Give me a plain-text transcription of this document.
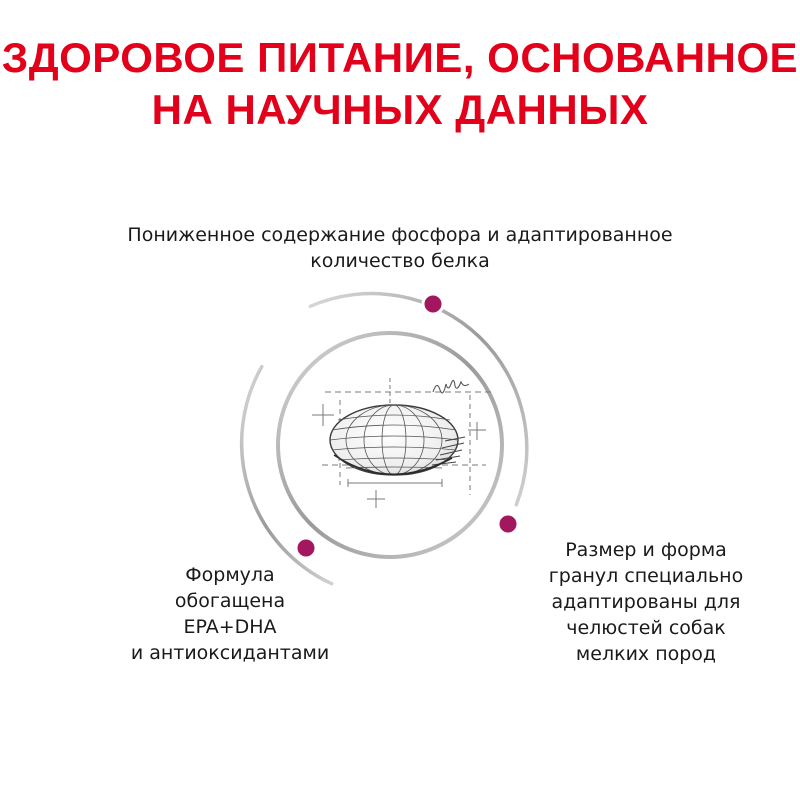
ЗДОРОВОЕ ПИТАНИЕ, ОСНОВАННОЕ
НА НАУЧНЫХ ДАННЫХ
Пониженное содержание фосфора и адаптированное
количество белка
Формула
обогащена
EPA+DHA
и антиоксидантами
Размер и форма
гранул специально
адаптированы для
челюстей собак
мелких пород
